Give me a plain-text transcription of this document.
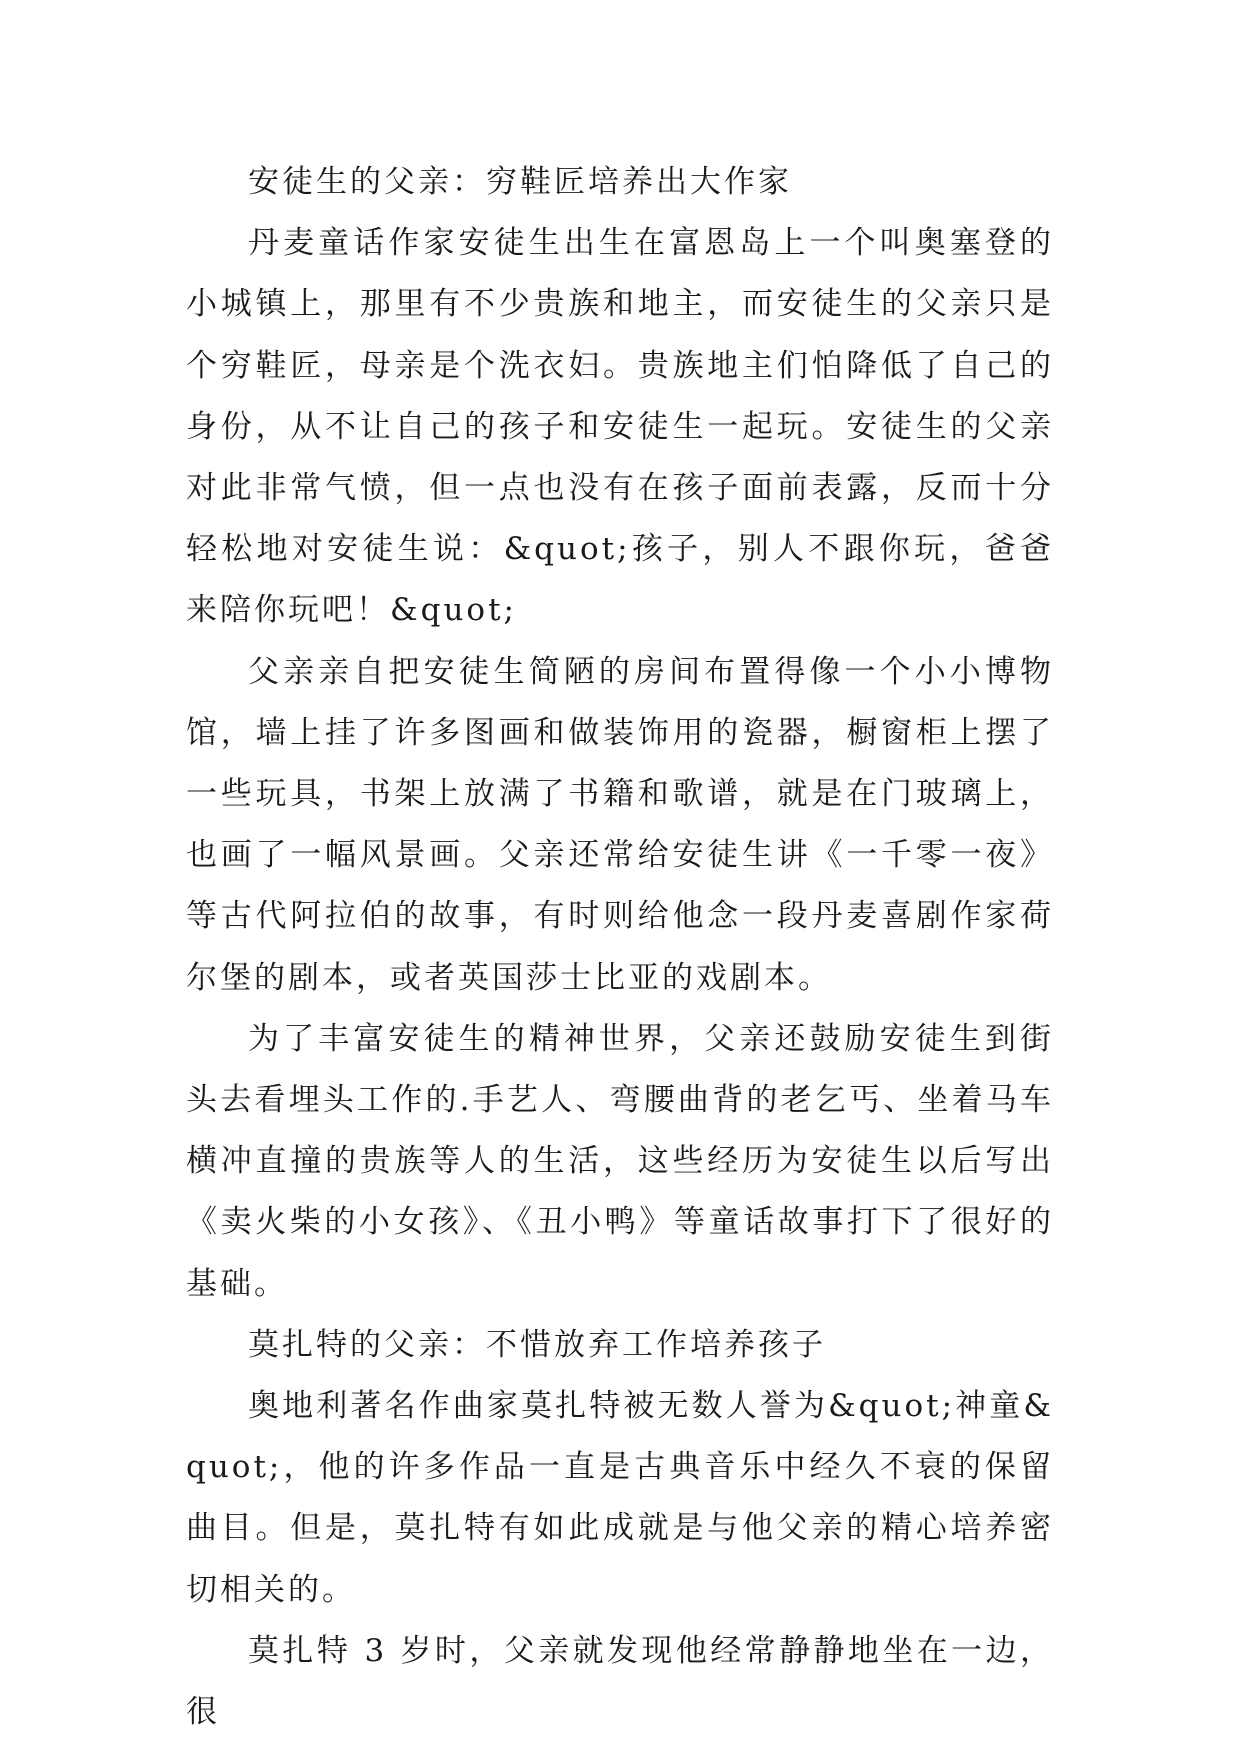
安徒生的父亲：穷鞋匠培养出大作家

丹麦童话作家安徒生出生在富恩岛上一个叫奥塞登的小城镇上，那里有不少贵族和地主，而安徒生的父亲只是个穷鞋匠，母亲是个洗衣妇。贵族地主们怕降低了自己的身份，从不让自己的孩子和安徒生一起玩。安徒生的父亲对此非常气愤，但一点也没有在孩子面前表露，反而十分轻松地对安徒生说：&quot;孩子，别人不跟你玩，爸爸来陪你玩吧！&quot;

父亲亲自把安徒生简陋的房间布置得像一个小小博物馆，墙上挂了许多图画和做装饰用的瓷器，橱窗柜上摆了一些玩具，书架上放满了书籍和歌谱，就是在门玻璃上，也画了一幅风景画。父亲还常给安徒生讲《一千零一夜》等古代阿拉伯的故事，有时则给他念一段丹麦喜剧作家荷尔堡的剧本，或者英国莎士比亚的戏剧本。

为了丰富安徒生的精神世界，父亲还鼓励安徒生到街头去看埋头工作的.手艺人、弯腰曲背的老乞丐、坐着马车横冲直撞的贵族等人的生活，这些经历为安徒生以后写出《卖火柴的小女孩》、《丑小鸭》等童话故事打下了很好的基础。

莫扎特的父亲：不惜放弃工作培养孩子

奥地利著名作曲家莫扎特被无数人誉为&quot;神童&quot;，他的许多作品一直是古典音乐中经久不衰的保留曲目。但是，莫扎特有如此成就是与他父亲的精心培养密切相关的。

莫扎特 3 岁时，父亲就发现他经常静静地坐在一边，很
